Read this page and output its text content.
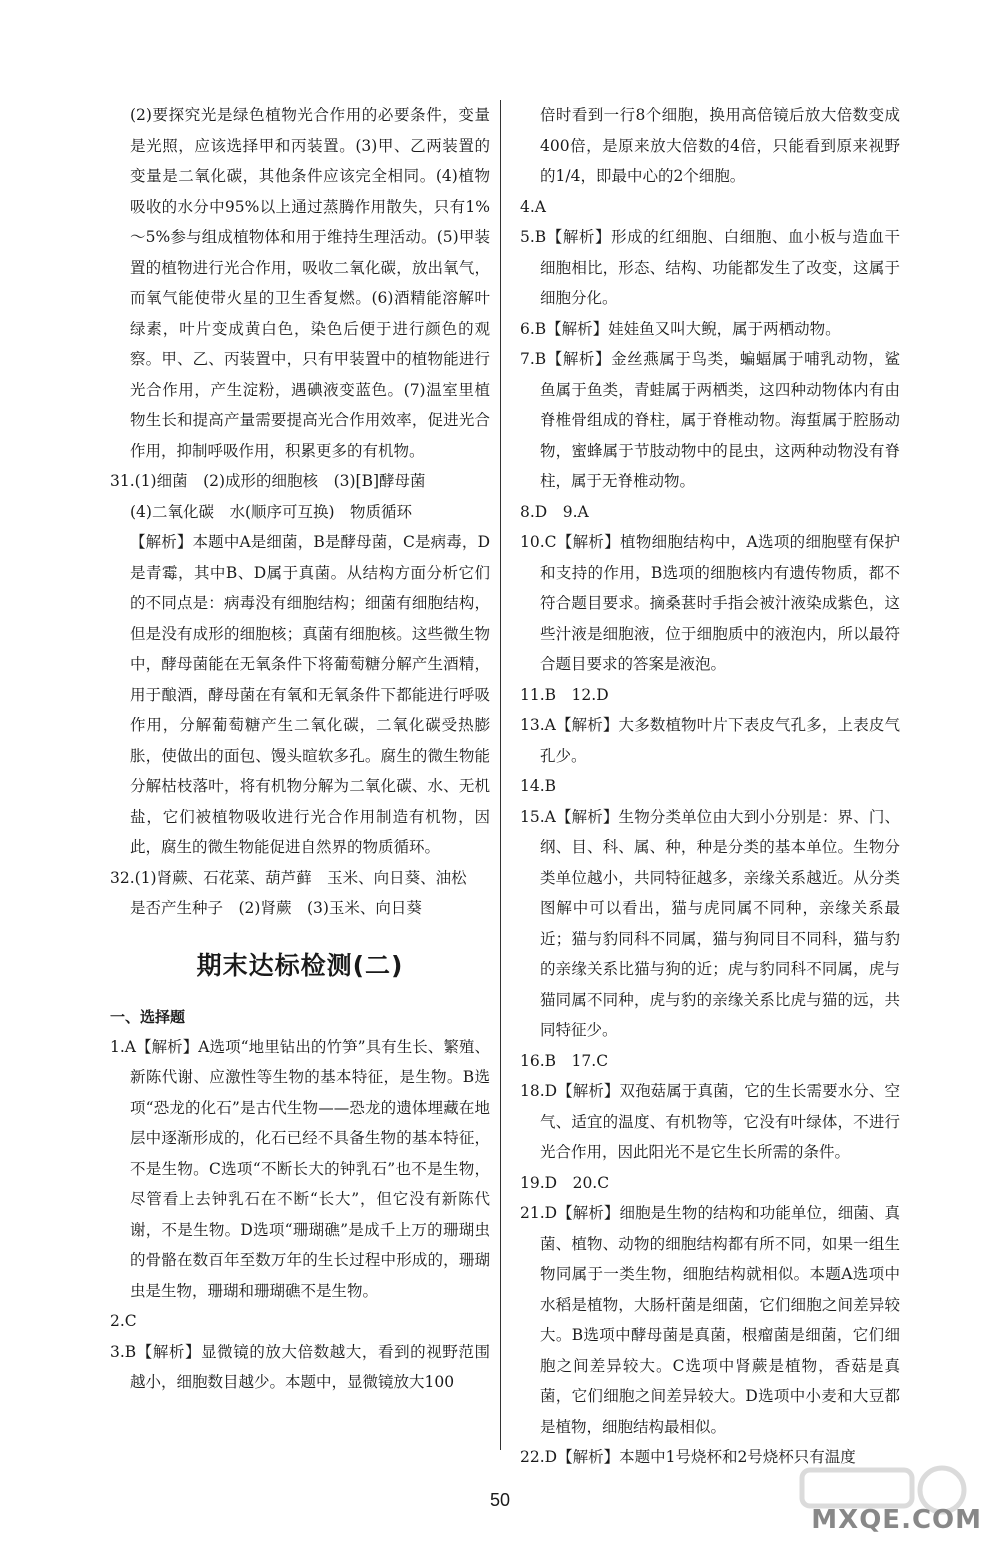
(2)要探究光是绿色植物光合作用的必要条件，变量是光照，应该选择甲和丙装置。(3)甲、乙两装置的变量是二氧化碳，其他条件应该完全相同。(4)植物吸收的水分中95%以上通过蒸腾作用散失，只有1%～5%参与组成植物体和用于维持生理活动。(5)甲装置的植物进行光合作用，吸收二氧化碳，放出氧气，而氧气能使带火星的卫生香复燃。(6)酒精能溶解叶绿素，叶片变成黄白色，染色后便于进行颜色的观察。甲、乙、丙装置中，只有甲装置中的植物能进行光合作用，产生淀粉，遇碘液变蓝色。(7)温室里植物生长和提高产量需要提高光合作用效率，促进光合作用，抑制呼吸作用，积累更多的有机物。

31.(1)细菌　(2)成形的细胞核　(3)[B]酵母菌

(4)二氧化碳　水(顺序可互换)　物质循环

【解析】本题中A是细菌，B是酵母菌，C是病毒，D是青霉，其中B、D属于真菌。从结构方面分析它们的不同点是：病毒没有细胞结构；细菌有细胞结构，但是没有成形的细胞核；真菌有细胞核。这些微生物中，酵母菌能在无氧条件下将葡萄糖分解产生酒精，用于酿酒，酵母菌在有氧和无氧条件下都能进行呼吸作用，分解葡萄糖产生二氧化碳，二氧化碳受热膨胀，使做出的面包、馒头暄软多孔。腐生的微生物能分解枯枝落叶，将有机物分解为二氧化碳、水、无机盐，它们被植物吸收进行光合作用制造有机物，因此，腐生的微生物能促进自然界的物质循环。

32.(1)肾蕨、石花菜、葫芦藓　玉米、向日葵、油松

是否产生种子　(2)肾蕨　(3)玉米、向日葵

期末达标检测(二)

一、选择题

1.A【解析】A选项“地里钻出的竹笋”具有生长、繁殖、新陈代谢、应激性等生物的基本特征，是生物。B选项“恐龙的化石”是古代生物——恐龙的遗体埋藏在地层中逐渐形成的，化石已经不具备生物的基本特征，不是生物。C选项“不断长大的钟乳石”也不是生物，尽管看上去钟乳石在不断“长大”，但它没有新陈代谢，不是生物。D选项“珊瑚礁”是成千上万的珊瑚虫的骨骼在数百年至数万年的生长过程中形成的，珊瑚虫是生物，珊瑚和珊瑚礁不是生物。

2.C

3.B【解析】显微镜的放大倍数越大，看到的视野范围越小，细胞数目越少。本题中，显微镜放大100

倍时看到一行8个细胞，换用高倍镜后放大倍数变成400倍，是原来放大倍数的4倍，只能看到原来视野的1/4，即最中心的2个细胞。

4.A

5.B【解析】形成的红细胞、白细胞、血小板与造血干细胞相比，形态、结构、功能都发生了改变，这属于细胞分化。

6.B【解析】娃娃鱼又叫大鲵，属于两栖动物。

7.B【解析】金丝燕属于鸟类，蝙蝠属于哺乳动物，鲨鱼属于鱼类，青蛙属于两栖类，这四种动物体内有由脊椎骨组成的脊柱，属于脊椎动物。海蜇属于腔肠动物，蜜蜂属于节肢动物中的昆虫，这两种动物没有脊柱，属于无脊椎动物。

8.D　9.A

10.C【解析】植物细胞结构中，A选项的细胞壁有保护和支持的作用，B选项的细胞核内有遗传物质，都不符合题目要求。摘桑葚时手指会被汁液染成紫色，这些汁液是细胞液，位于细胞质中的液泡内，所以最符合题目要求的答案是液泡。

11.B　12.D

13.A【解析】大多数植物叶片下表皮气孔多，上表皮气孔少。

14.B

15.A【解析】生物分类单位由大到小分别是：界、门、纲、目、科、属、种，种是分类的基本单位。生物分类单位越小，共同特征越多，亲缘关系越近。从分类图解中可以看出，猫与虎同属不同种，亲缘关系最近；猫与豹同科不同属，猫与狗同目不同科，猫与豹的亲缘关系比猫与狗的近；虎与豹同科不同属，虎与猫同属不同种，虎与豹的亲缘关系比虎与猫的远，共同特征少。

16.B　17.C

18.D【解析】双孢菇属于真菌，它的生长需要水分、空气、适宜的温度、有机物等，它没有叶绿体，不进行光合作用，因此阳光不是它生长所需的条件。

19.D　20.C

21.D【解析】细胞是生物的结构和功能单位，细菌、真菌、植物、动物的细胞结构都有所不同，如果一组生物同属于一类生物，细胞结构就相似。本题A选项中水稻是植物，大肠杆菌是细菌，它们细胞之间差异较大。B选项中酵母菌是真菌，根瘤菌是细菌，它们细胞之间差异较大。C选项中肾蕨是植物，香菇是真菌，它们细胞之间差异较大。D选项中小麦和大豆都是植物，细胞结构最相似。

22.D【解析】本题中1号烧杯和2号烧杯只有温度

50
MXQE.COM
